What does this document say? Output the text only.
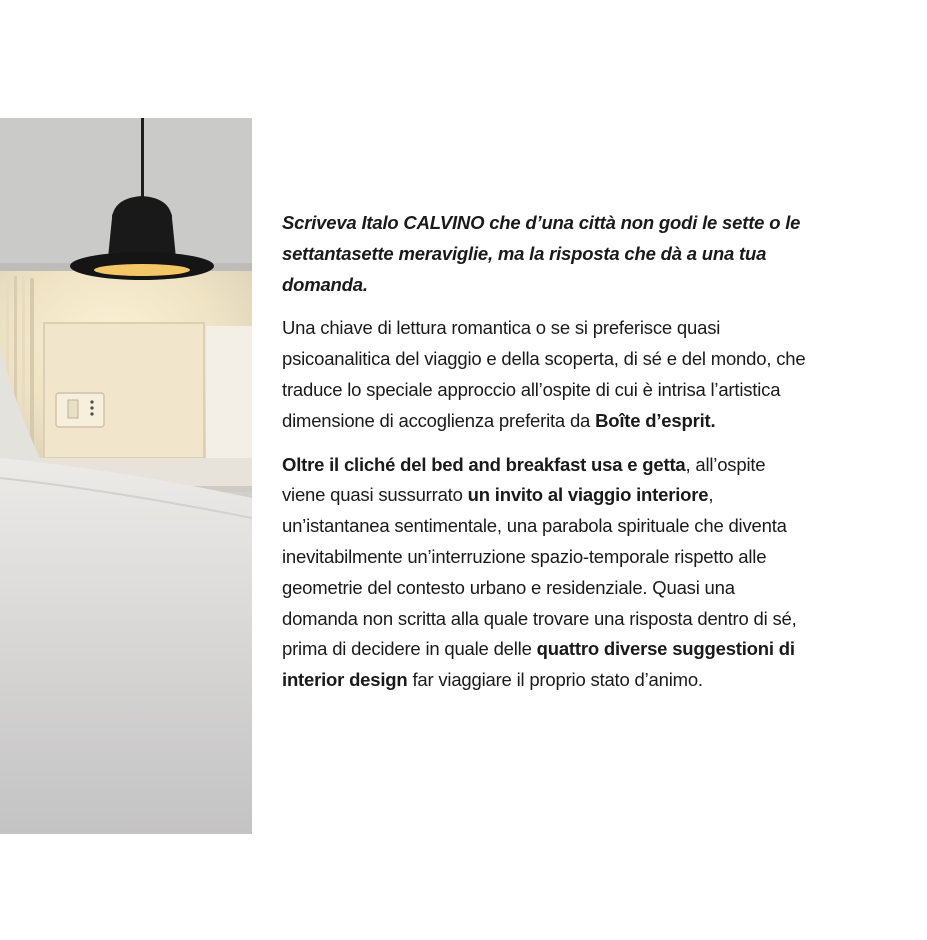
Scriveva Italo CALVINO che d’una città non godi le sette o le settantasette meraviglie, ma la risposta che dà a una tua domanda.

Una chiave di lettura romantica o se si preferisce quasi psicoanalitica del viaggio e della scoperta, di sé e del mondo, che traduce lo speciale approccio all’ospite di cui è intrisa l’artistica dimensione di accoglienza preferita da Boîte d’esprit.

Oltre il cliché del bed and breakfast usa e getta, all’ospite viene quasi sussurrato un invito al viaggio interiore, un’istantanea sentimentale, una parabola spirituale che diventa inevitabilmente un’interruzione spazio-temporale rispetto alle geometrie del contesto urbano e residenziale. Quasi una domanda non scritta alla quale trovare una risposta dentro di sé, prima di decidere in quale delle quattro diverse suggestioni di interior design far viaggiare il proprio stato d’animo.
